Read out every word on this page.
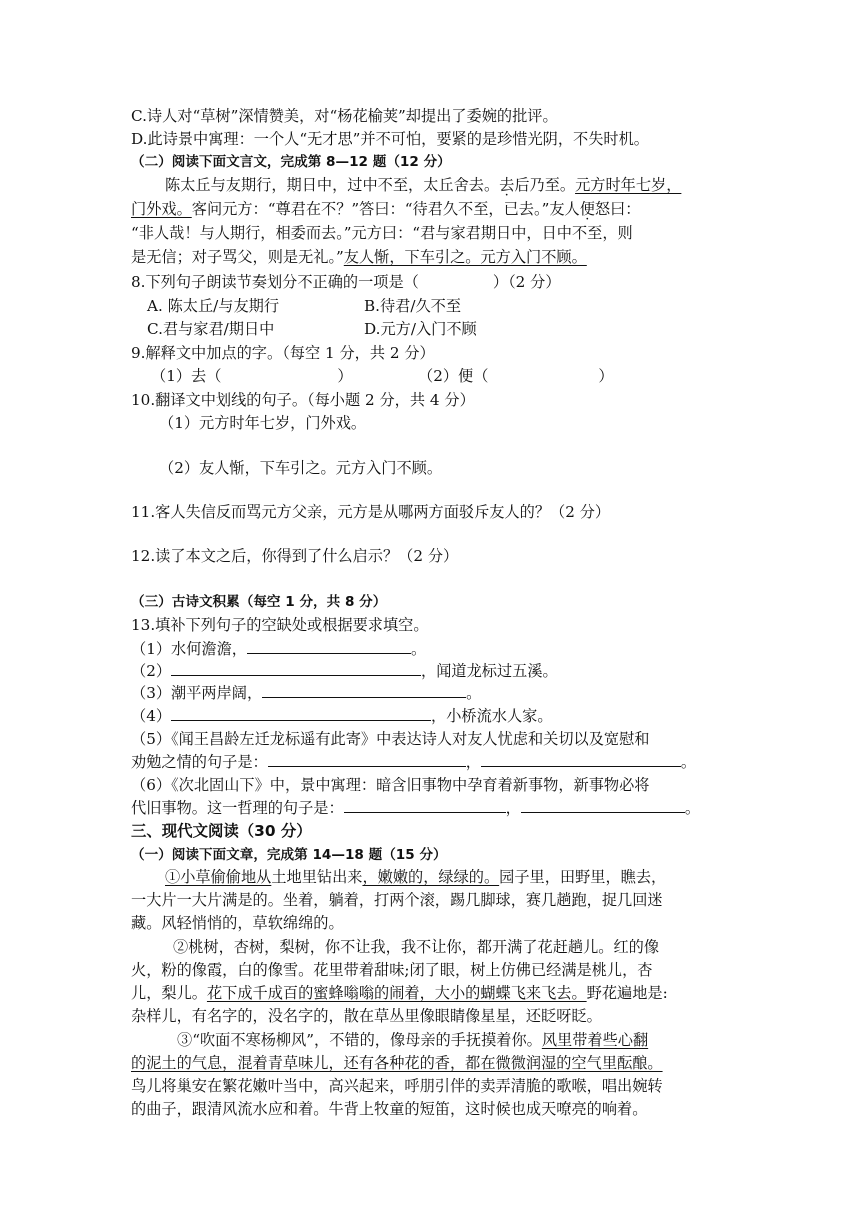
C.诗人对“草树”深情赞美，对“杨花榆荚”却提出了委婉的批评。
D.此诗景中寓理：一个人“无才思”并不可怕，要紧的是珍惜光阴，不失时机。
（二）阅读下面文言文，完成第 8—12 题（12 分）
陈太丘与友期行，期日中，过中不至，太丘舍去。去后乃至。元方时年七岁，
门外戏。客问元方：“尊君在不？”答曰：“待君久不至，已去。”友人便怒曰：
“非人哉！与人期行，相委而去。”元方曰：“君与家君期日中，日中不至，则
是无信；对子骂父，则是无礼。”友人惭，下车引之。元方入门不顾。
8.下列句子朗读节奏划分不正确的一项是（	）（2 分）
A. 陈太丘/与友期行	B.待君/久不至
C.君与家君/期日中	D.元方/入门不顾
9.解释文中加点的字。（每空 1 分，共 2 分）
（1）去（	）	（2）便（	）
10.翻译文中划线的句子。（每小题 2 分，共 4 分）
（1）元方时年七岁，门外戏。
（2）友人惭，下车引之。元方入门不顾。
11.客人失信反而骂元方父亲，元方是从哪两方面驳斥友人的？（2 分）
12.读了本文之后，你得到了什么启示？（2 分）
（三）古诗文积累（每空 1 分，共 8 分）
13.填补下列句子的空缺处或根据要求填空。
（1）水何澹澹，	。
（2）	，闻道龙标过五溪。
（3）潮平两岸阔，	。
（4）	，小桥流水人家。
（5）《闻王昌龄左迁龙标遥有此寄》中表达诗人对友人忧虑和关切以及宽慰和
劝勉之情的句子是：	，	。
（6）《次北固山下》中，景中寓理：暗含旧事物中孕育着新事物，新事物必将
代旧事物。这一哲理的句子是：	，	。
三、现代文阅读（30 分）
（一）阅读下面文章，完成第 14—18 题（15 分）
①小草偷偷地从土地里钻出来，嫩嫩的，绿绿的。园子里，田野里，瞧去，
一大片一大片满是的。坐着，躺着，打两个滚，踢几脚球，赛几趟跑，捉几回迷
藏。风轻悄悄的，草软绵绵的。
②桃树，杏树，梨树，你不让我，我不让你，都开满了花赶趟儿。红的像
火，粉的像霞，白的像雪。花里带着甜味;闭了眼，树上仿佛已经满是桃儿，杏
儿，梨儿。花下成千成百的蜜蜂嗡嗡的闹着，大小的蝴蝶飞来飞去。野花遍地是:
杂样儿，有名字的，没名字的，散在草丛里像眼睛像星星，还眨呀眨。
③“吹面不寒杨柳风”，不错的，像母亲的手抚摸着你。风里带着些心翻
的泥土的气息，混着青草味儿，还有各种花的香，都在微微润湿的空气里酝酿。
鸟儿将巢安在繁花嫩叶当中，高兴起来，呼朋引伴的卖弄清脆的歌喉，唱出婉转
的曲子，跟清风流水应和着。牛背上牧童的短笛，这时候也成天嘹亮的响着。
